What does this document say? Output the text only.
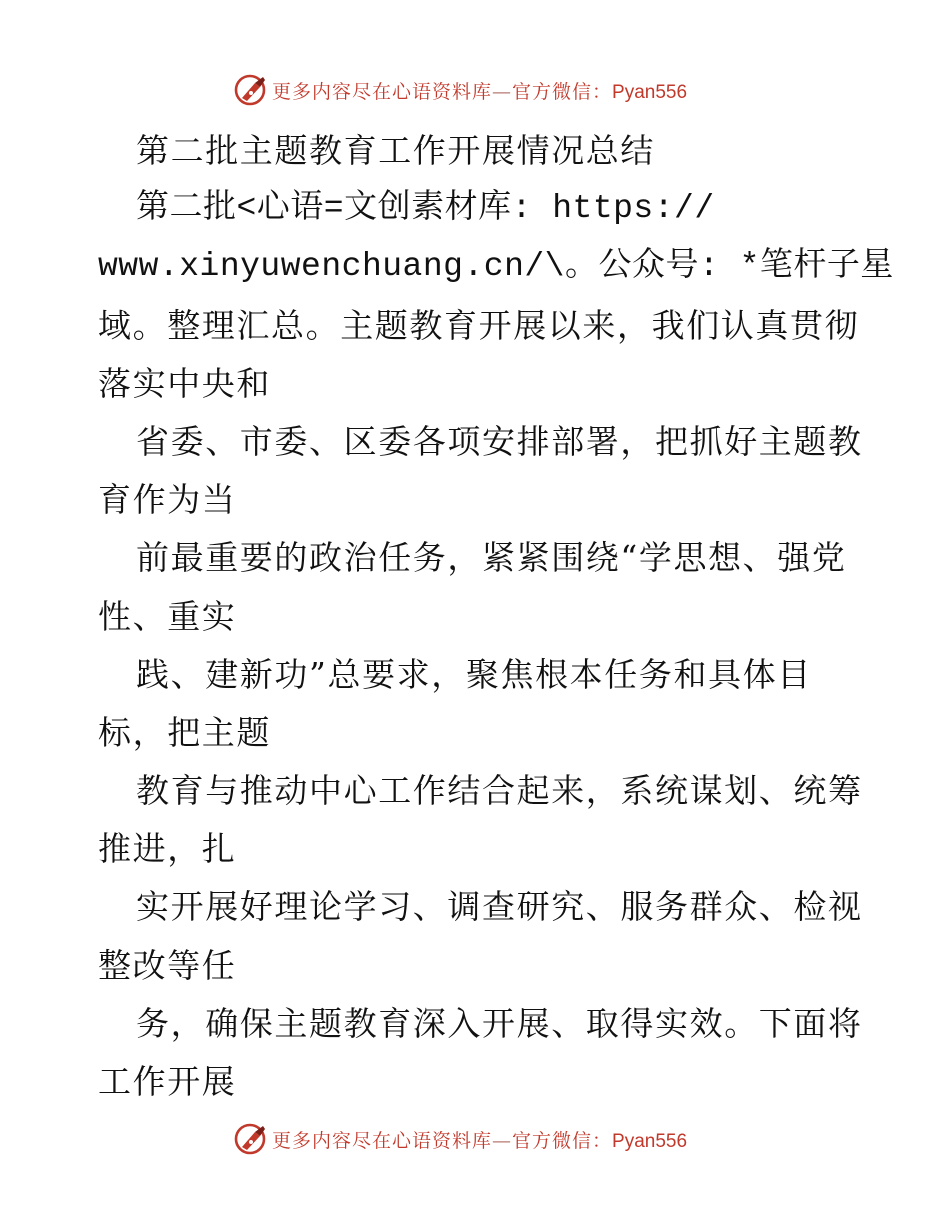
更多内容尽在心语资料库—官方微信：Pyan556
第二批主题教育工作开展情况总结
第二批<心语=文创素材库: https://
www.xinyuwenchuang.cn/\。公众号: *笔杆子星
域。整理汇总。主题教育开展以来，我们认真贯彻
落实中央和
省委、市委、区委各项安排部署，把抓好主题教
育作为当
前最重要的政治任务，紧紧围绕“学思想、强党
性、重实
践、建新功”总要求，聚焦根本任务和具体目
标，把主题
教育与推动中心工作结合起来，系统谋划、统筹
推进，扎
实开展好理论学习、调查研究、服务群众、检视
整改等任
务，确保主题教育深入开展、取得实效。下面将
工作开展
更多内容尽在心语资料库—官方微信：Pyan556
